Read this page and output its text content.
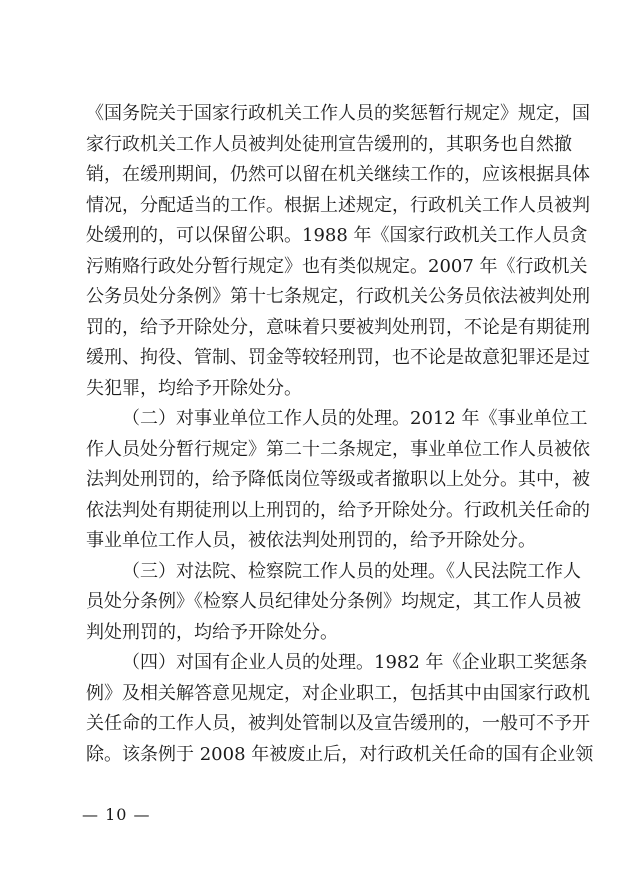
《国务院关于国家行政机关工作人员的奖惩暂行规定》规定，国
家行政机关工作人员被判处徒刑宣告缓刑的，其职务也自然撤
销，在缓刑期间，仍然可以留在机关继续工作的，应该根据具体
情况，分配适当的工作。根据上述规定，行政机关工作人员被判
处缓刑的，可以保留公职。1988 年《国家行政机关工作人员贪
污贿赂行政处分暂行规定》也有类似规定。2007 年《行政机关
公务员处分条例》第十七条规定，行政机关公务员依法被判处刑
罚的，给予开除处分，意味着只要被判处刑罚，不论是有期徒刑
缓刑、拘役、管制、罚金等较轻刑罚，也不论是故意犯罪还是过
失犯罪，均给予开除处分。
（二）对事业单位工作人员的处理。2012 年《事业单位工
作人员处分暂行规定》第二十二条规定，事业单位工作人员被依
法判处刑罚的，给予降低岗位等级或者撤职以上处分。其中，被
依法判处有期徒刑以上刑罚的，给予开除处分。行政机关任命的
事业单位工作人员，被依法判处刑罚的，给予开除处分。
（三）对法院、检察院工作人员的处理。《人民法院工作人
员处分条例》《检察人员纪律处分条例》均规定，其工作人员被
判处刑罚的，均给予开除处分。
（四）对国有企业人员的处理。1982 年《企业职工奖惩条
例》及相关解答意见规定，对企业职工，包括其中由国家行政机
关任命的工作人员，被判处管制以及宣告缓刑的，一般可不予开
— 10 —
除。该条例于 2008 年被废止后，对行政机关任命的国有企业领
